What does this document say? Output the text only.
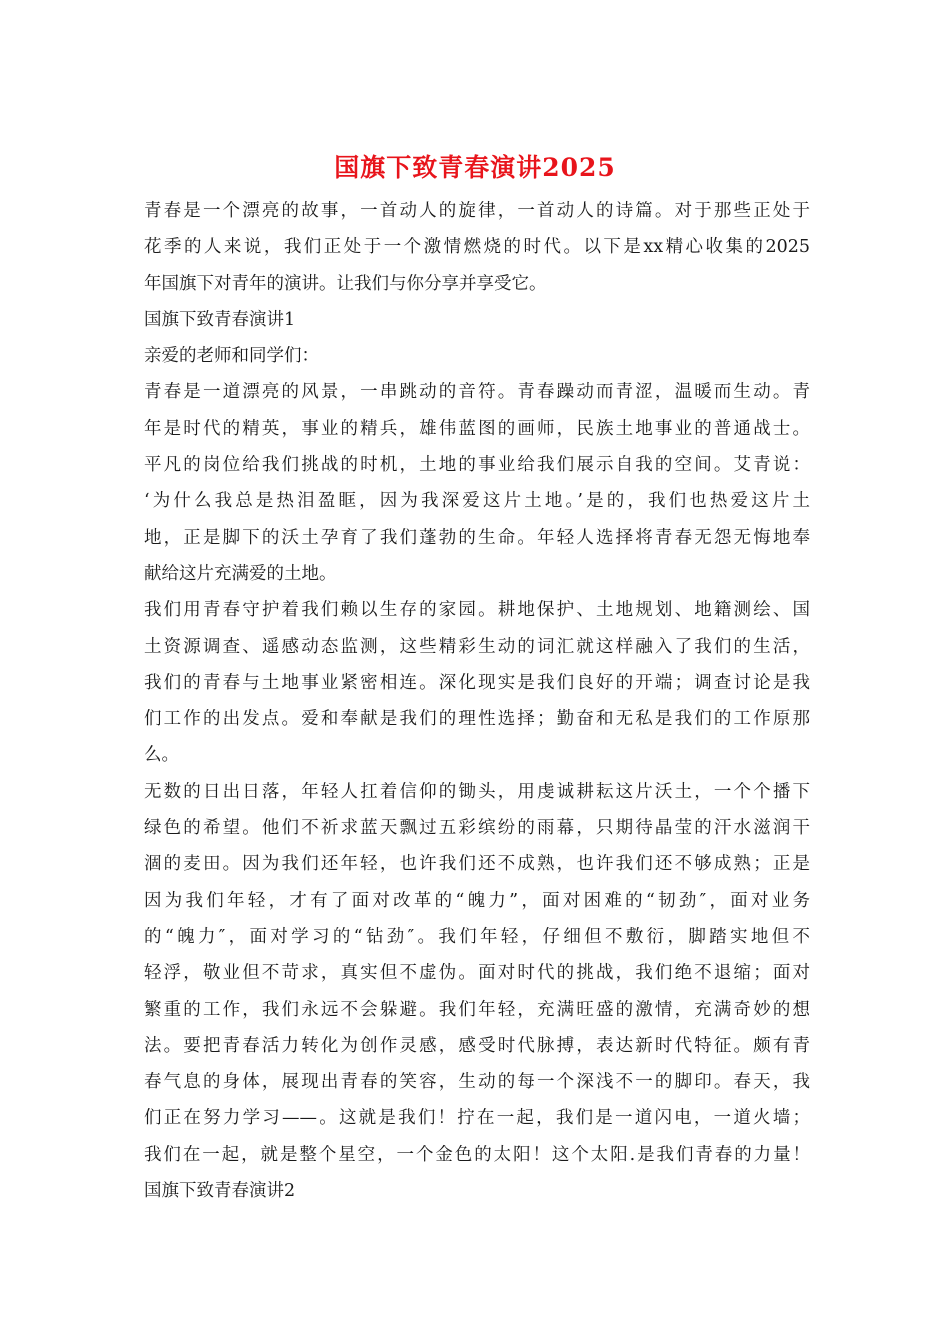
国旗下致青春演讲2025
青春是一个漂亮的故事，一首动人的旋律，一首动人的诗篇。对于那些正处于
花季的人来说，我们正处于一个激情燃烧的时代。以下是xx精心收集的2025
年国旗下对青年的演讲。让我们与你分享并享受它。
国旗下致青春演讲1
亲爱的老师和同学们：
青春是一道漂亮的风景，一串跳动的音符。青春躁动而青涩，温暖而生动。青
年是时代的精英，事业的精兵，雄伟蓝图的画师，民族土地事业的普通战士。
平凡的岗位给我们挑战的时机，土地的事业给我们展示自我的空间。艾青说：
‘为什么我总是热泪盈眶，因为我深爱这片土地。’是的，我们也热爱这片土
地，正是脚下的沃土孕育了我们蓬勃的生命。年轻人选择将青春无怨无悔地奉
献给这片充满爱的土地。
我们用青春守护着我们赖以生存的家园。耕地保护、土地规划、地籍测绘、国
土资源调查、遥感动态监测，这些精彩生动的词汇就这样融入了我们的生活，
我们的青春与土地事业紧密相连。深化现实是我们良好的开端；调查讨论是我
们工作的出发点。爱和奉献是我们的理性选择；勤奋和无私是我们的工作原那
么。
无数的日出日落，年轻人扛着信仰的锄头，用虔诚耕耘这片沃土，一个个播下
绿色的希望。他们不祈求蓝天飘过五彩缤纷的雨幕，只期待晶莹的汗水滋润干
涸的麦田。因为我们还年轻，也许我们还不成熟，也许我们还不够成熟；正是
因为我们年轻，才有了面对改革的“魄力”，面对困难的“韧劲″，面对业务
的“魄力″，面对学习的“钻劲″。我们年轻，仔细但不敷衍，脚踏实地但不
轻浮，敬业但不苛求，真实但不虚伪。面对时代的挑战，我们绝不退缩；面对
繁重的工作，我们永远不会躲避。我们年轻，充满旺盛的激情，充满奇妙的想
法。要把青春活力转化为创作灵感，感受时代脉搏，表达新时代特征。颇有青
春气息的身体，展现出青春的笑容，生动的每一个深浅不一的脚印。春天，我
们正在努力学习——。这就是我们！拧在一起，我们是一道闪电，一道火墙；
我们在一起，就是整个星空，一个金色的太阳！这个太阳.是我们青春的力量！
国旗下致青春演讲2
